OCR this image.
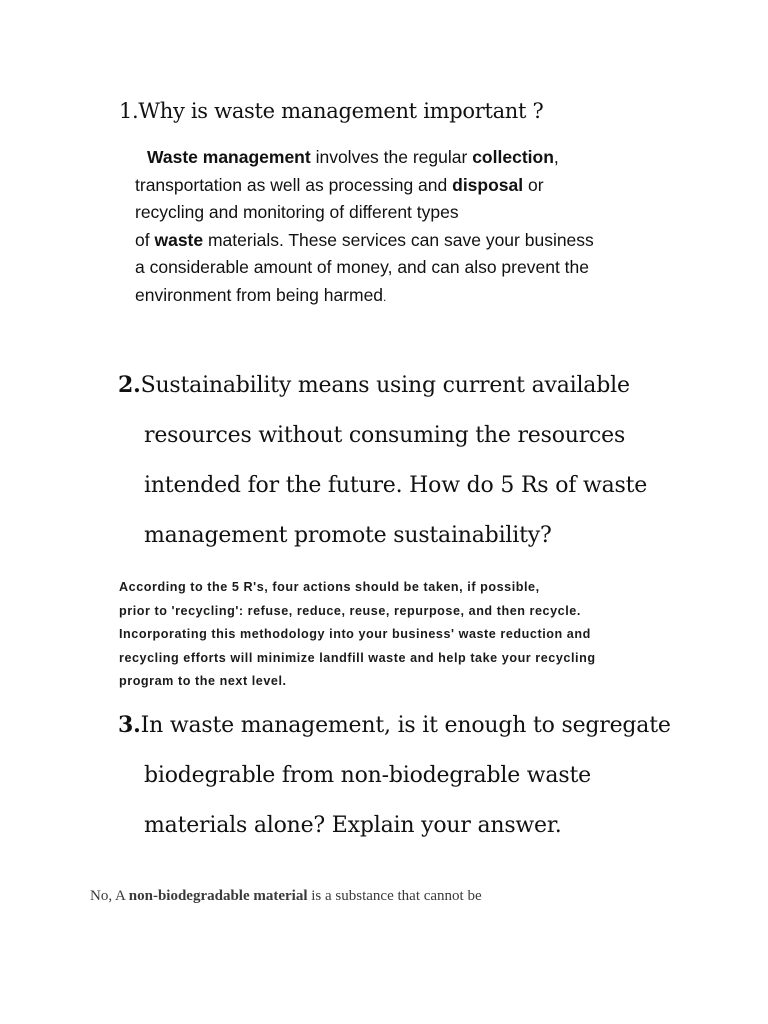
1.Why is waste management important ?

Waste management involves the regular collection,
transportation as well as processing and disposal or
recycling and monitoring of different types
of waste materials. These services can save your business
a considerable amount of money, and can also prevent the
environment from being harmed.

2.Sustainability means using current available
resources without consuming the resources
intended for the future. How do 5 Rs of waste
management promote sustainability?

According to the 5 R's, four actions should be taken, if possible,
prior to 'recycling': refuse, reduce, reuse, repurpose, and then recycle.
Incorporating this methodology into your business' waste reduction and
recycling efforts will minimize landfill waste and help take your recycling
program to the next level.

3.In waste management, is it enough to segregate
biodegrable from non-biodegrable waste
materials alone? Explain your answer.

No, A non-biodegradable material is a substance that cannot be
